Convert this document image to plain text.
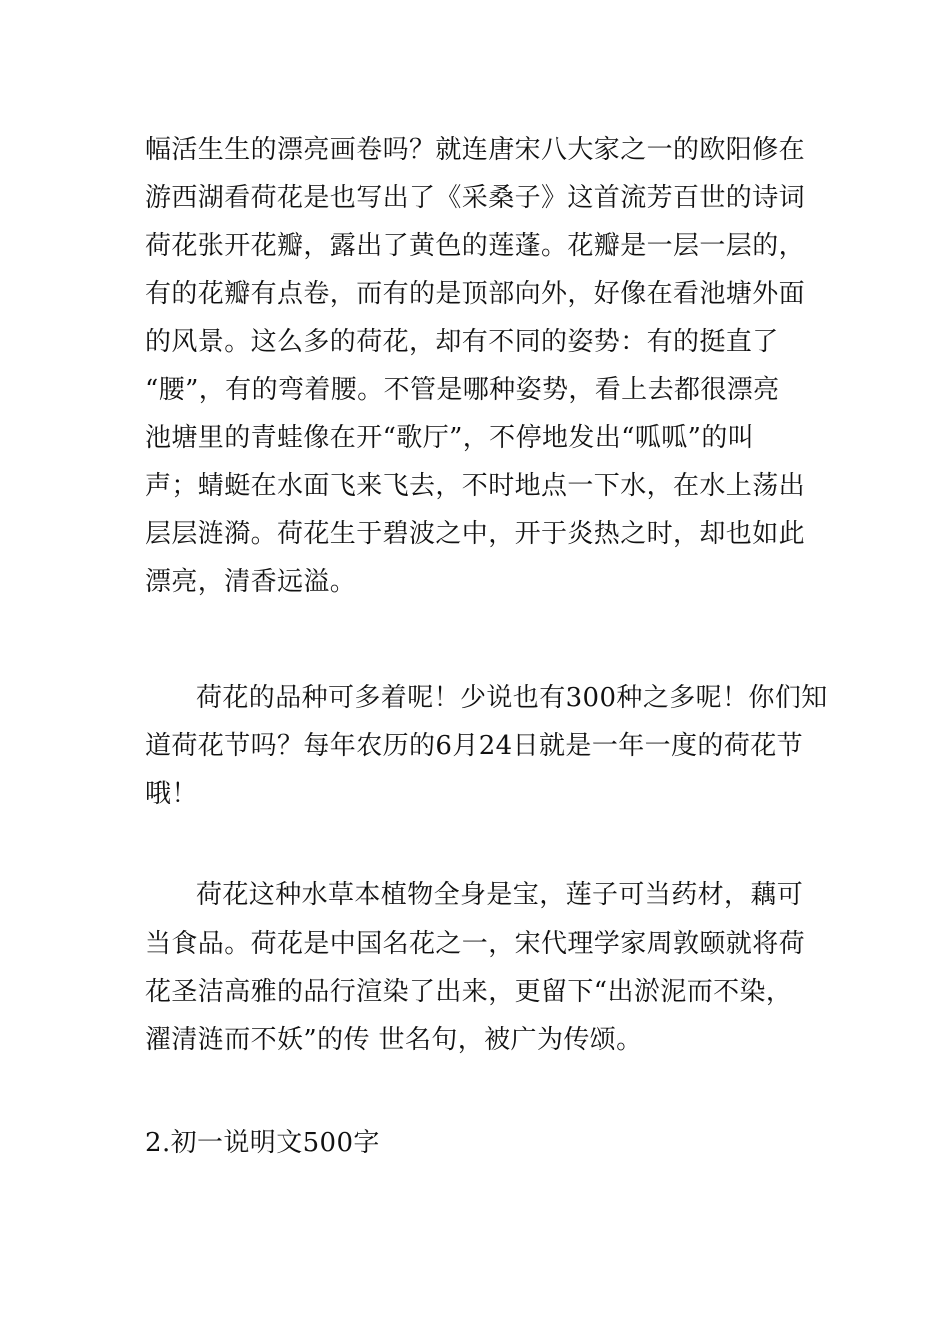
幅活生生的漂亮画卷吗？就连唐宋八大家之一的欧阳修在
游西湖看荷花是也写出了《采桑子》这首流芳百世的诗词
荷花张开花瓣，露出了黄色的莲蓬。花瓣是一层一层的，
有的花瓣有点卷，而有的是顶部向外，好像在看池塘外面
的风景。这么多的荷花，却有不同的姿势：有的挺直了
“腰”，有的弯着腰。不管是哪种姿势，看上去都很漂亮
池塘里的青蛙像在开“歌厅”，不停地发出“呱呱”的叫
声；蜻蜓在水面飞来飞去，不时地点一下水，在水上荡出
层层涟漪。荷花生于碧波之中，开于炎热之时，却也如此
漂亮，清香远溢。
荷花的品种可多着呢！少说也有300种之多呢！你们知
道荷花节吗？每年农历的6月24日就是一年一度的荷花节
哦！
荷花这种水草本植物全身是宝，莲子可当药材，藕可
当食品。荷花是中国名花之一，宋代理学家周敦颐就将荷
花圣洁高雅的品行渲染了出来，更留下“出淤泥而不染，
濯清涟而不妖”的传 世名句，被广为传颂。
2.初一说明文500字
